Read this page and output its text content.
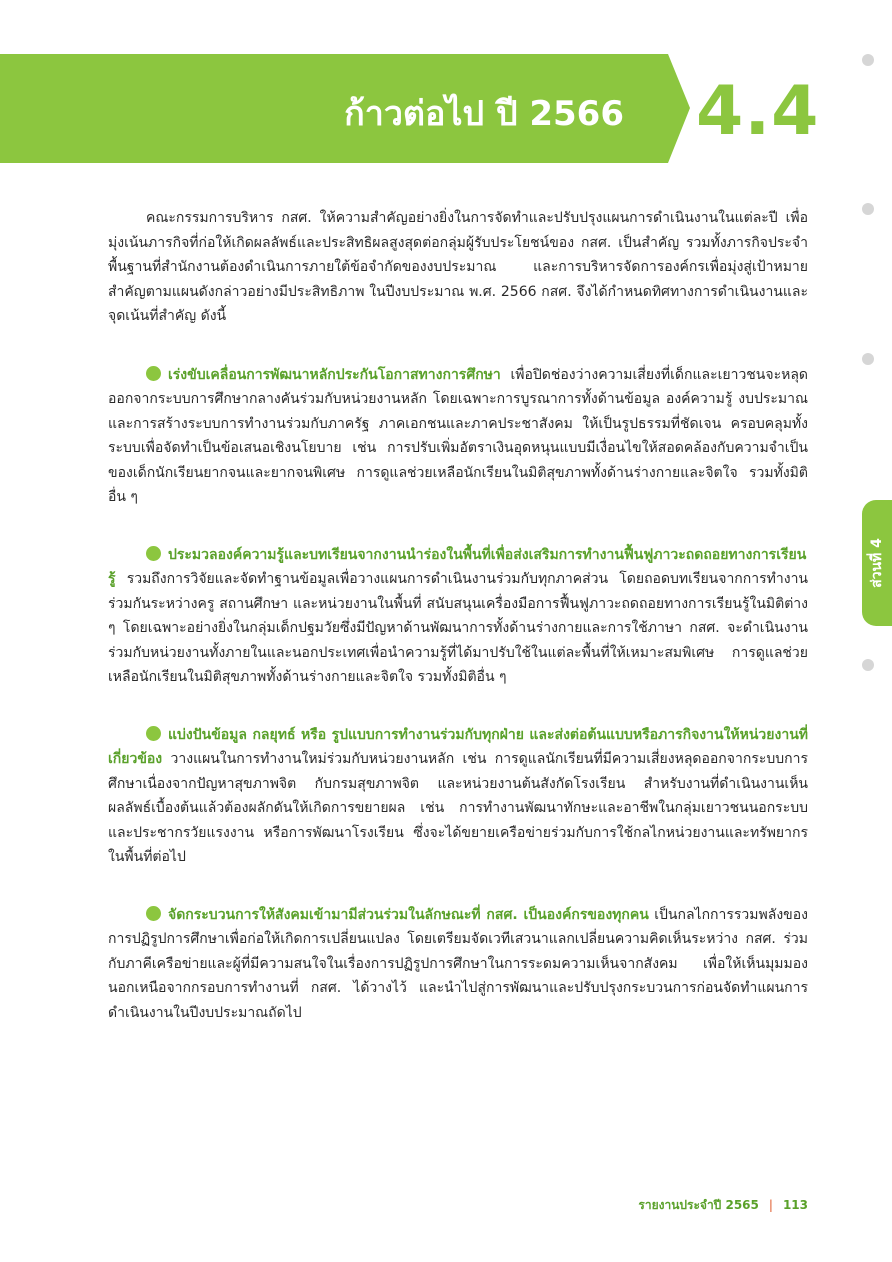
ก้าวต่อไป ปี 2566 4.4
ส่วนที่ 4

คณะกรรมการบริหาร กสศ. ให้ความสำคัญอย่างยิ่งในการจัดทำและปรับปรุงแผนการดำเนินงานในแต่ละปี เพื่อมุ่งเน้นภารกิจที่ก่อให้เกิดผลลัพธ์และประสิทธิผลสูงสุดต่อกลุ่มผู้รับประโยชน์ของ กสศ. เป็นสำคัญ รวมทั้งภารกิจประจำพื้นฐานที่สำนักงานต้องดำเนินการภายใต้ข้อจำกัดของงบประมาณ และการบริหารจัดการองค์กรเพื่อมุ่งสู่เป้าหมายสำคัญตามแผนดังกล่าวอย่างมีประสิทธิภาพ ในปีงบประมาณ พ.ศ. 2566 กสศ. จึงได้กำหนดทิศทางการดำเนินงานและจุดเน้นที่สำคัญ ดังนี้

เร่งขับเคลื่อนการพัฒนาหลักประกันโอกาสทางการศึกษา เพื่อปิดช่องว่างความเสี่ยงที่เด็กและเยาวชนจะหลุดออกจากระบบการศึกษากลางคันร่วมกับหน่วยงานหลัก โดยเฉพาะการบูรณาการทั้งด้านข้อมูล องค์ความรู้ งบประมาณและการสร้างระบบการทำงานร่วมกับภาครัฐ ภาคเอกชนและภาคประชาสังคม ให้เป็นรูปธรรมที่ชัดเจน ครอบคลุมทั้งระบบเพื่อจัดทำเป็นข้อเสนอเชิงนโยบาย เช่น การปรับเพิ่มอัตราเงินอุดหนุนแบบมีเงื่อนไขให้สอดคล้องกับความจำเป็นของเด็กนักเรียนยากจนและยากจนพิเศษ การดูแลช่วยเหลือนักเรียนในมิติสุขภาพทั้งด้านร่างกายและจิตใจ รวมทั้งมิติอื่น ๆ

ประมวลองค์ความรู้และบทเรียนจากงานนำร่องในพื้นที่เพื่อส่งเสริมการทำงานฟื้นฟูภาวะถดถอยทางการเรียนรู้ รวมถึงการวิจัยและจัดทำฐานข้อมูลเพื่อวางแผนการดำเนินงานร่วมกับทุกภาคส่วน โดยถอดบทเรียนจากการทำงานร่วมกันระหว่างครู สถานศึกษา และหน่วยงานในพื้นที่ สนับสนุนเครื่องมือการฟื้นฟูภาวะถดถอยทางการเรียนรู้ในมิติต่าง ๆ โดยเฉพาะอย่างยิ่งในกลุ่มเด็กปฐมวัยซึ่งมีปัญหาด้านพัฒนาการทั้งด้านร่างกายและการใช้ภาษา กสศ. จะดำเนินงานร่วมกับหน่วยงานทั้งภายในและนอกประเทศเพื่อนำความรู้ที่ได้มาปรับใช้ในแต่ละพื้นที่ให้เหมาะสมพิเศษ การดูแลช่วยเหลือนักเรียนในมิติสุขภาพทั้งด้านร่างกายและจิตใจ รวมทั้งมิติอื่น ๆ

แบ่งปันข้อมูล กลยุทธ์ หรือ รูปแบบการทำงานร่วมกับทุกฝ่าย และส่งต่อต้นแบบหรือภารกิจงานให้หน่วยงานที่เกี่ยวข้อง วางแผนในการทำงานใหม่ร่วมกับหน่วยงานหลัก เช่น การดูแลนักเรียนที่มีความเสี่ยงหลุดออกจากระบบการศึกษาเนื่องจากปัญหาสุขภาพจิต กับกรมสุขภาพจิต และหน่วยงานต้นสังกัดโรงเรียน สำหรับงานที่ดำเนินงานเห็นผลลัพธ์เบื้องต้นแล้วต้องผลักดันให้เกิดการขยายผล เช่น การทำงานพัฒนาทักษะและอาชีพในกลุ่มเยาวชนนอกระบบและประชากรวัยแรงงาน หรือการพัฒนาโรงเรียน ซึ่งจะได้ขยายเครือข่ายร่วมกับการใช้กลไกหน่วยงานและทรัพยากรในพื้นที่ต่อไป

จัดกระบวนการให้สังคมเข้ามามีส่วนร่วมในลักษณะที่ กสศ. เป็นองค์กรของทุกคน เป็นกลไกการรวมพลังของการปฏิรูปการศึกษาเพื่อก่อให้เกิดการเปลี่ยนแปลง โดยเตรียมจัดเวทีเสวนาแลกเปลี่ยนความคิดเห็นระหว่าง กสศ. ร่วมกับภาคีเครือข่ายและผู้ที่มีความสนใจในเรื่องการปฏิรูปการศึกษาในการระดมความเห็นจากสังคม เพื่อให้เห็นมุมมองนอกเหนือจากกรอบการทำงานที่ กสศ. ได้วางไว้ และนำไปสู่การพัฒนาและปรับปรุงกระบวนการก่อนจัดทำแผนการดำเนินงานในปีงบประมาณถัดไป

รายงานประจำปี 2565 | 113
